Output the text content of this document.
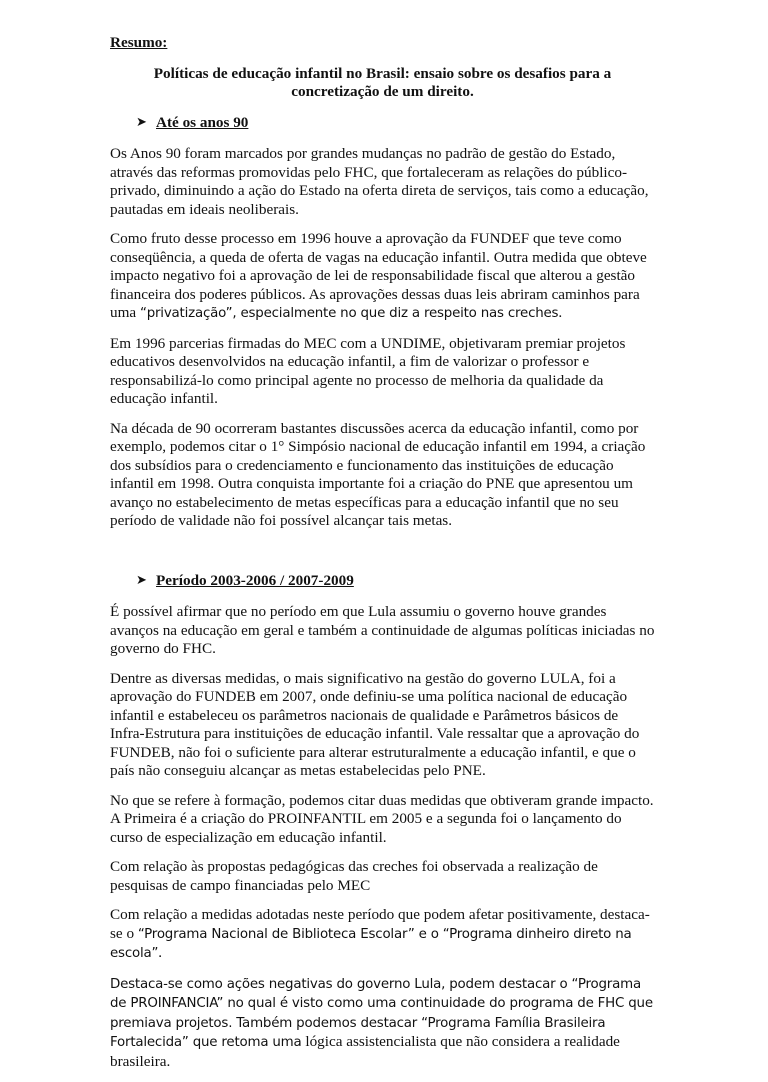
Resumo:
Políticas de educação infantil no Brasil: ensaio sobre os desafios para a concretização de um direito.
➤ Até os anos 90

Os Anos 90 foram marcados por grandes mudanças no padrão de gestão do Estado, através das reformas promovidas pelo FHC, que fortaleceram as relações do público-privado, diminuindo a ação do Estado na oferta direta de serviços, tais como a educação, pautadas em ideais neoliberais.

Como fruto desse processo em 1996 houve a aprovação da FUNDEF que teve como conseqüência, a queda de oferta de vagas na educação infantil. Outra medida que obteve impacto negativo foi a aprovação de lei de responsabilidade fiscal que alterou a gestão financeira dos poderes públicos. As aprovações dessas duas leis abriram caminhos para uma “privatização”, especialmente no que diz a respeito nas creches.

Em 1996 parcerias firmadas do MEC com a UNDIME, objetivaram premiar projetos educativos desenvolvidos na educação infantil, a fim de valorizar o professor e responsabilizá-lo como principal agente no processo de melhoria da qualidade da educação infantil.

Na década de 90 ocorreram bastantes discussões acerca da educação infantil, como por exemplo, podemos citar o 1° Simpósio nacional de educação infantil em 1994, a criação dos subsídios para o credenciamento e funcionamento das instituições de educação infantil em 1998. Outra conquista importante foi a criação do PNE que apresentou um avanço no estabelecimento de metas específicas para a educação infantil que no seu período de validade não foi possível alcançar tais metas.

➤ Período 2003-2006 / 2007-2009

É possível afirmar que no período em que Lula assumiu o governo houve grandes avanços na educação em geral e também a continuidade de algumas políticas iniciadas no governo do FHC.

Dentre as diversas medidas, o mais significativo na gestão do governo LULA, foi a aprovação do FUNDEB em 2007, onde definiu-se uma política nacional de educação infantil e estabeleceu os parâmetros nacionais de qualidade e Parâmetros básicos de Infra-Estrutura para instituições de educação infantil. Vale ressaltar que a aprovação do FUNDEB, não foi o suficiente para alterar estruturalmente a educação infantil, e que o país não conseguiu alcançar as metas estabelecidas pelo PNE.

No que se refere à formação, podemos citar duas medidas que obtiveram grande impacto. A Primeira é a criação do PROINFANTIL em 2005 e a segunda foi o lançamento do curso de especialização em educação infantil.

Com relação às propostas pedagógicas das creches foi observada a realização de pesquisas de campo financiadas pelo MEC

Com relação a medidas adotadas neste período que podem afetar positivamente, destaca-se o “Programa Nacional de Biblioteca Escolar” e o “Programa dinheiro direto na escola”.

Destaca-se como ações negativas do governo Lula, podem destacar o “Programa de PROINFANCIA” no qual é visto como uma continuidade do programa de FHC que premiava projetos. Também podemos destacar “Programa Família Brasileira Fortalecida” que retoma uma lógica assistencialista que não considera a realidade brasileira.
